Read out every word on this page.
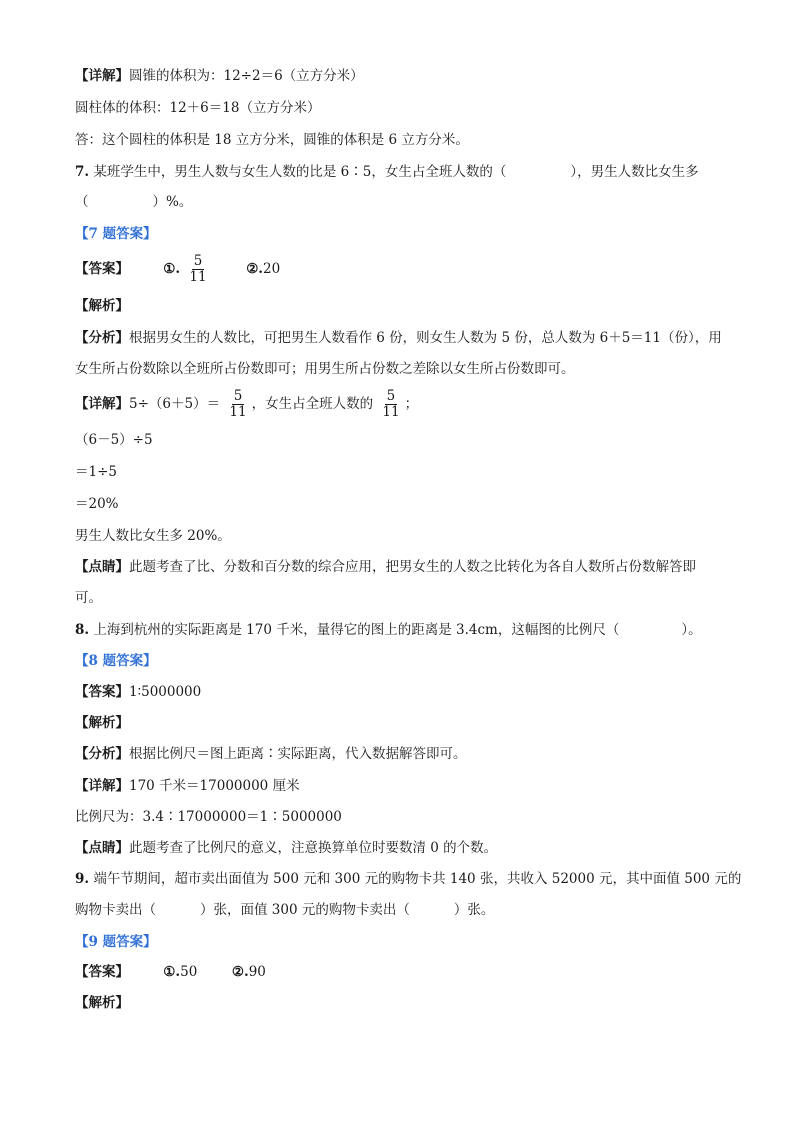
【详解】圆锥的体积为：12÷2＝6（立方分米）
圆柱体的体积：12＋6＝18（立方分米）
答：这个圆柱的体积是 18 立方分米，圆锥的体积是 6 立方分米。
7. 某班学生中，男生人数与女生人数的比是 6∶5，女生占全班人数的（	），男生人数比女生多
（	）%。
【7 题答案】
【答案】	①. $\frac{5}{11}$	②.20
【解析】
【分析】根据男女生的人数比，可把男生人数看作 6 份，则女生人数为 5 份，总人数为 6＋5＝11（份），用
女生所占份数除以全班所占份数即可；用男生所占份数之差除以女生所占份数即可。
【详解】$5\div(6+5)= \frac{5}{11}$ ，女生占全班人数的 $\frac{5}{11}$ ；
（6－5）÷5
＝1÷5
＝20%
男生人数比女生多 20%。
【点睛】此题考查了比、分数和百分数的综合应用，把男女生的人数之比转化为各自人数所占份数解答即
可。
8. 上海到杭州的实际距离是 170 千米，量得它的图上的距离是 3.4cm，这幅图的比例尺（	）。
【8 题答案】
【答案】1∶5000000
【解析】
【分析】根据比例尺＝图上距离∶实际距离，代入数据解答即可。
【详解】170 千米＝17000000 厘米
比例尺为：3.4∶17000000＝1∶5000000
【点睛】此题考查了比例尺的意义，注意换算单位时要数清 0 的个数。
9. 端午节期间，超市卖出面值为 500 元和 300 元的购物卡共 140 张，共收入 52000 元，其中面值 500 元的
购物卡卖出（	）张，面值 300 元的购物卡卖出（	）张。
【9 题答案】
【答案】	①.50	②.90
【解析】
